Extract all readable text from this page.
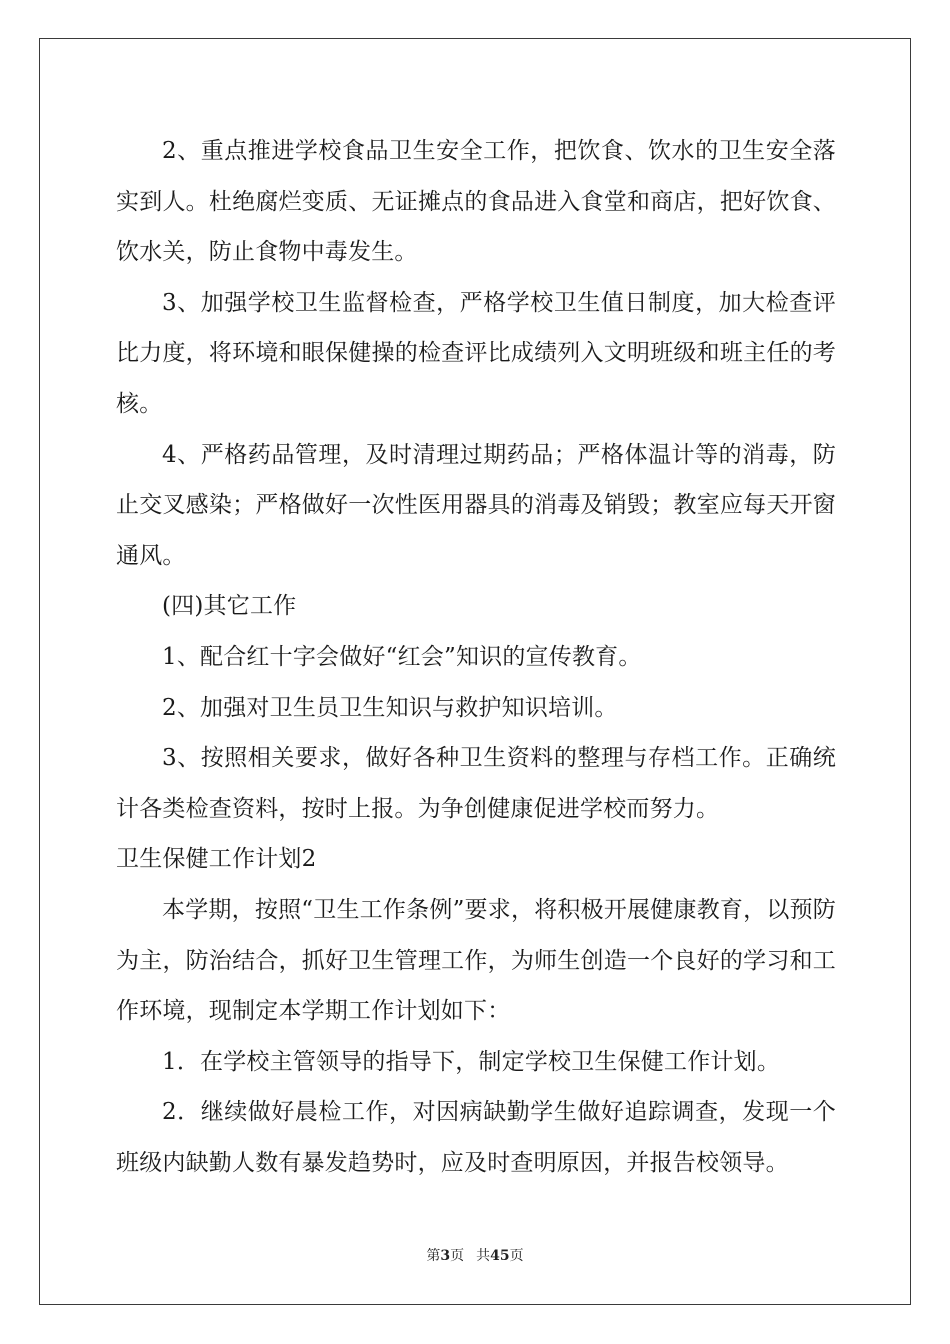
2、重点推进学校食品卫生安全工作，把饮食、饮水的卫生安全落实到人。杜绝腐烂变质、无证摊点的食品进入食堂和商店，把好饮食、饮水关，防止食物中毒发生。

3、加强学校卫生监督检查，严格学校卫生值日制度，加大检查评比力度，将环境和眼保健操的检查评比成绩列入文明班级和班主任的考核。

4、严格药品管理，及时清理过期药品；严格体温计等的消毒，防止交叉感染；严格做好一次性医用器具的消毒及销毁；教室应每天开窗通风。

(四)其它工作

1、配合红十字会做好“红会”知识的宣传教育。

2、加强对卫生员卫生知识与救护知识培训。

3、按照相关要求，做好各种卫生资料的整理与存档工作。正确统计各类检查资料，按时上报。为争创健康促进学校而努力。

卫生保健工作计划2

本学期，按照“卫生工作条例”要求，将积极开展健康教育，以预防为主，防治结合，抓好卫生管理工作，为师生创造一个良好的学习和工作环境，现制定本学期工作计划如下：

1．在学校主管领导的指导下，制定学校卫生保健工作计划。

2．继续做好晨检工作，对因病缺勤学生做好追踪调查，发现一个班级内缺勤人数有暴发趋势时，应及时查明原因，并报告校领导。

第3页 共45页
